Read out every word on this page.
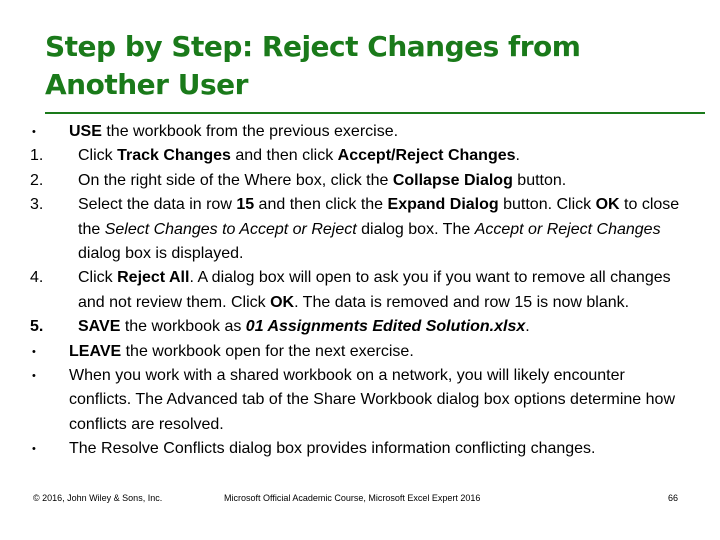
Step by Step: Reject Changes from Another User
• USE the workbook from the previous exercise.
1. Click Track Changes and then click Accept/Reject Changes.
2. On the right side of the Where box, click the Collapse Dialog button.
3. Select the data in row 15 and then click the Expand Dialog button. Click OK to close the Select Changes to Accept or Reject dialog box. The Accept or Reject Changes dialog box is displayed.
4. Click Reject All. A dialog box will open to ask you if you want to remove all changes and not review them. Click OK. The data is removed and row 15 is now blank.
5. SAVE the workbook as 01 Assignments Edited Solution.xlsx.
• LEAVE the workbook open for the next exercise.
• When you work with a shared workbook on a network, you will likely encounter conflicts. The Advanced tab of the Share Workbook dialog box options determine how conflicts are resolved.
• The Resolve Conflicts dialog box provides information conflicting changes.
© 2016, John Wiley & Sons, Inc.	Microsoft Official Academic Course, Microsoft Excel Expert 2016	66
